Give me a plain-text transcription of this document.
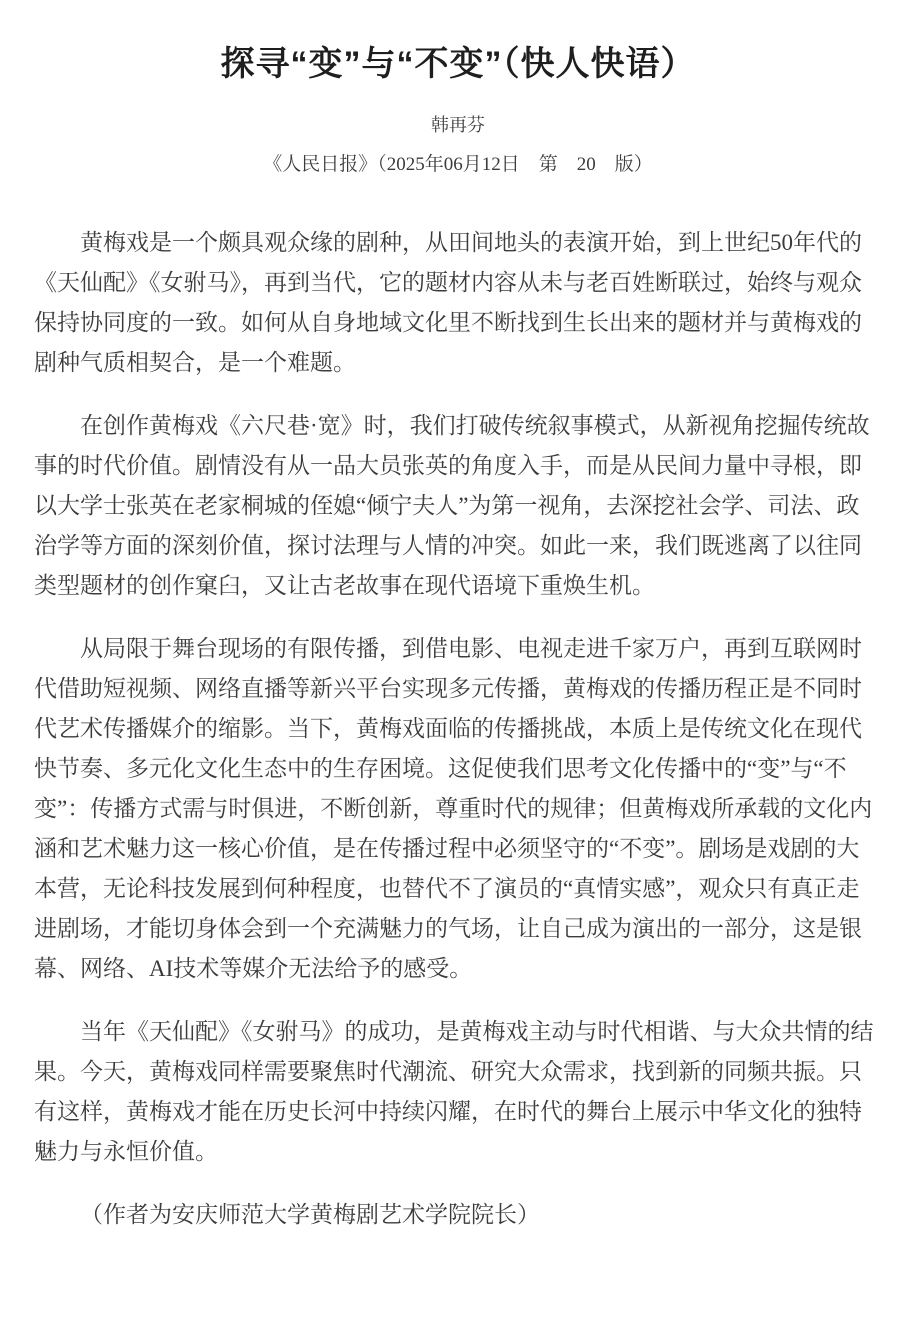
探寻“变”与“不变”（快人快语）
韩再芬
《人民日报》（2025年06月12日　第　20　版）

黄梅戏是一个颇具观众缘的剧种，从田间地头的表演开始，到上世纪50年代的《天仙配》《女驸马》，再到当代，它的题材内容从未与老百姓断联过，始终与观众保持协同度的一致。如何从自身地域文化里不断找到生长出来的题材并与黄梅戏的剧种气质相契合，是一个难题。

在创作黄梅戏《六尺巷·宽》时，我们打破传统叙事模式，从新视角挖掘传统故事的时代价值。剧情没有从一品大员张英的角度入手，而是从民间力量中寻根，即以大学士张英在老家桐城的侄媳“倾宁夫人”为第一视角，去深挖社会学、司法、政治学等方面的深刻价值，探讨法理与人情的冲突。如此一来，我们既逃离了以往同类型题材的创作窠臼，又让古老故事在现代语境下重焕生机。

从局限于舞台现场的有限传播，到借电影、电视走进千家万户，再到互联网时代借助短视频、网络直播等新兴平台实现多元传播，黄梅戏的传播历程正是不同时代艺术传播媒介的缩影。当下，黄梅戏面临的传播挑战，本质上是传统文化在现代快节奏、多元化文化生态中的生存困境。这促使我们思考文化传播中的“变”与“不变”：传播方式需与时俱进，不断创新，尊重时代的规律；但黄梅戏所承载的文化内涵和艺术魅力这一核心价值，是在传播过程中必须坚守的“不变”。剧场是戏剧的大本营，无论科技发展到何种程度，也替代不了演员的“真情实感”，观众只有真正走进剧场，才能切身体会到一个充满魅力的气场，让自己成为演出的一部分，这是银幕、网络、AI技术等媒介无法给予的感受。

当年《天仙配》《女驸马》的成功，是黄梅戏主动与时代相谐、与大众共情的结果。今天，黄梅戏同样需要聚焦时代潮流、研究大众需求，找到新的同频共振。只有这样，黄梅戏才能在历史长河中持续闪耀，在时代的舞台上展示中华文化的独特魅力与永恒价值。

（作者为安庆师范大学黄梅剧艺术学院院长）
